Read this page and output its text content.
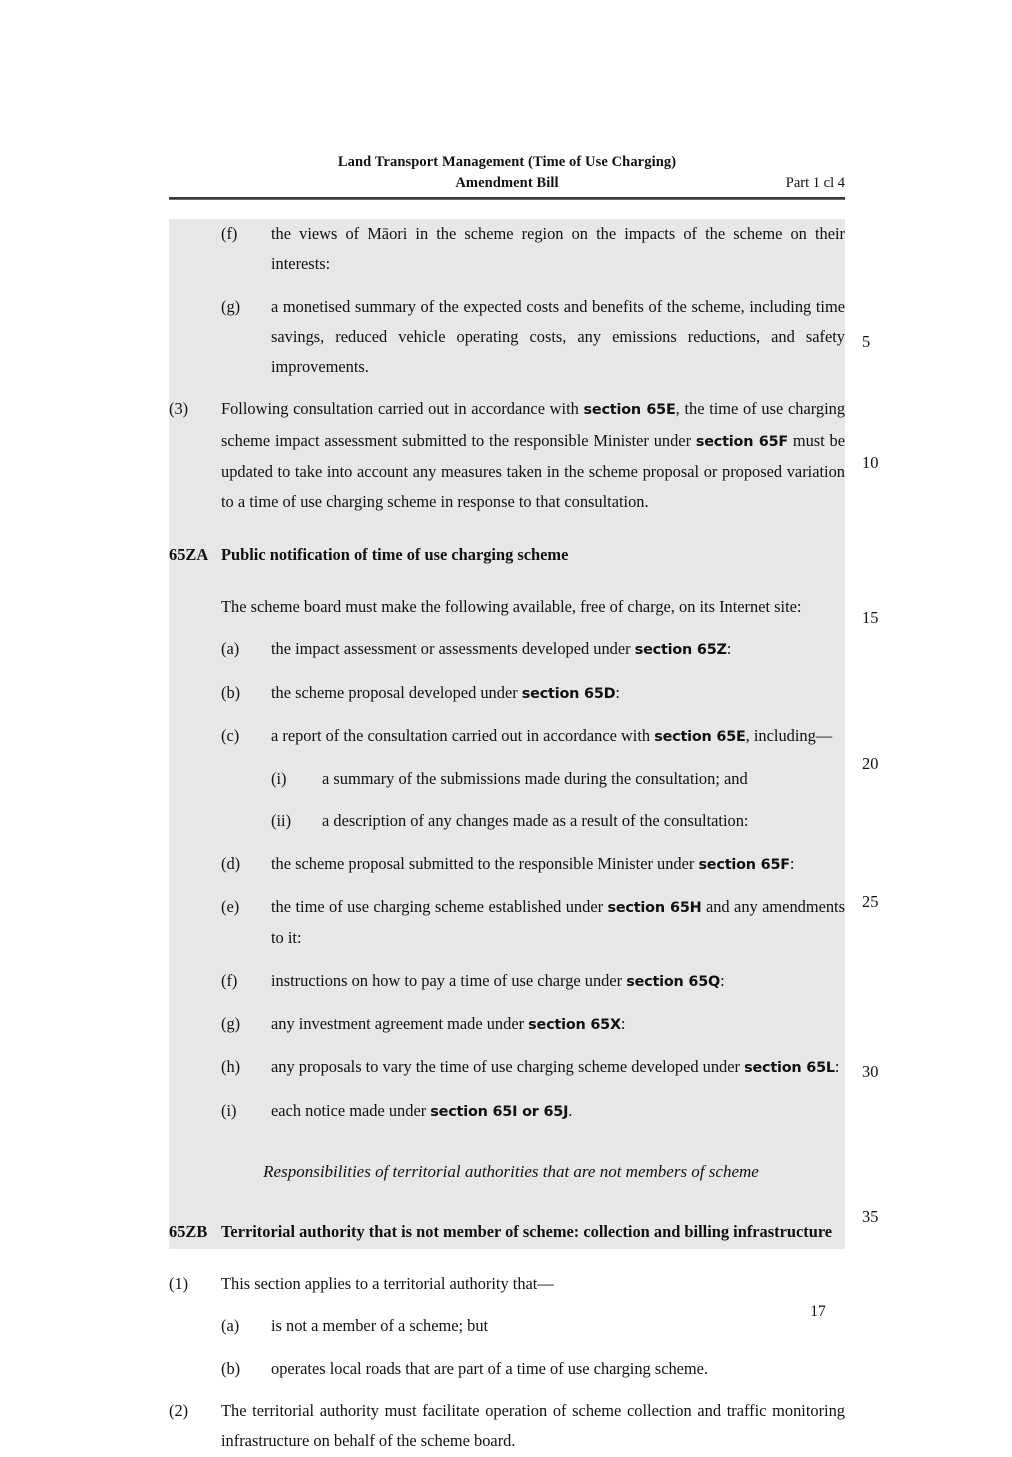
Land Transport Management (Time of Use Charging)
Amendment Bill	Part 1 cl 4
(f) the views of Māori in the scheme region on the impacts of the scheme on their interests:
(g) a monetised summary of the expected costs and benefits of the scheme, including time savings, reduced vehicle operating costs, any emissions reductions, and safety improvements.
(3) Following consultation carried out in accordance with section 65E, the time of use charging scheme impact assessment submitted to the responsible Minister under section 65F must be updated to take into account any measures taken in the scheme proposal or proposed variation to a time of use charging scheme in response to that consultation.
65ZA Public notification of time of use charging scheme
The scheme board must make the following available, free of charge, on its Internet site:
(a) the impact assessment or assessments developed under section 65Z:
(b) the scheme proposal developed under section 65D:
(c) a report of the consultation carried out in accordance with section 65E, including—
(i) a summary of the submissions made during the consultation; and
(ii) a description of any changes made as a result of the consultation:
(d) the scheme proposal submitted to the responsible Minister under section 65F:
(e) the time of use charging scheme established under section 65H and any amendments to it:
(f) instructions on how to pay a time of use charge under section 65Q:
(g) any investment agreement made under section 65X:
(h) any proposals to vary the time of use charging scheme developed under section 65L:
(i) each notice made under section 65I or 65J.
Responsibilities of territorial authorities that are not members of scheme
65ZB Territorial authority that is not member of scheme: collection and billing infrastructure
(1) This section applies to a territorial authority that—
(a) is not a member of a scheme; but
(b) operates local roads that are part of a time of use charging scheme.
(2) The territorial authority must facilitate operation of scheme collection and traffic monitoring infrastructure on behalf of the scheme board.
5
10
15
20
25
30
35
17
